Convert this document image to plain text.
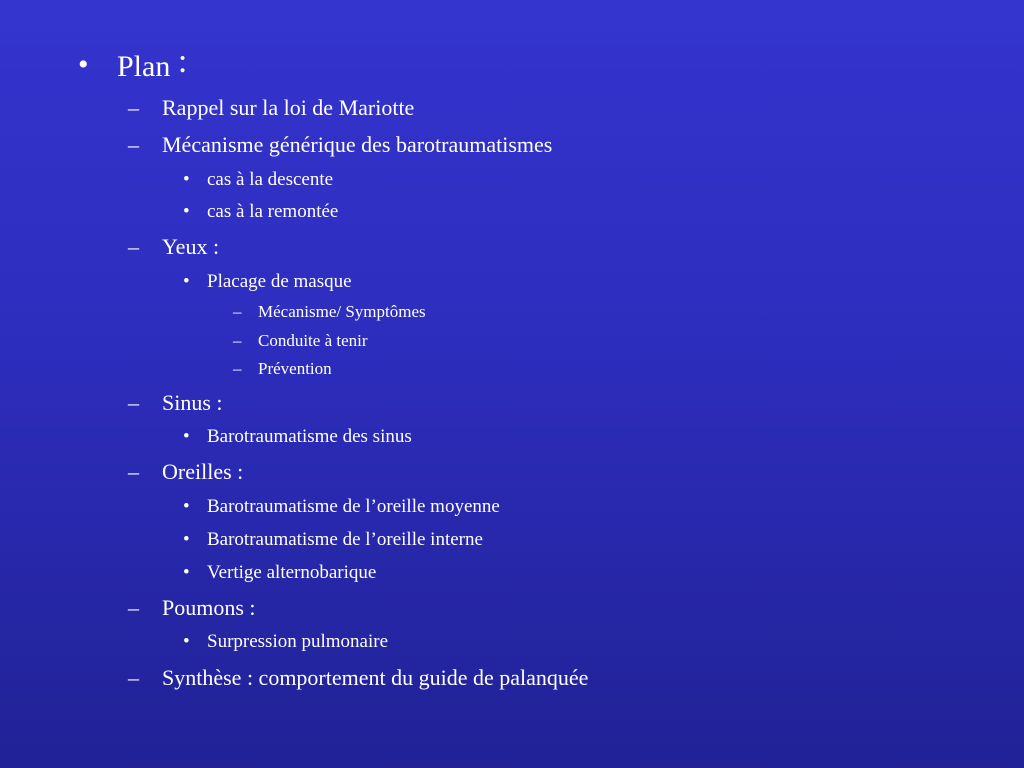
• Plan :
– Rappel sur la loi de Mariotte
– Mécanisme générique des barotraumatismes
• cas à la descente
• cas à la remontée
– Yeux :
• Placage de masque
– Mécanisme/ Symptômes
– Conduite à tenir
– Prévention
– Sinus :
• Barotraumatisme des sinus
– Oreilles :
• Barotraumatisme de l’oreille moyenne
• Barotraumatisme de l’oreille interne
• Vertige alternobarique
– Poumons :
• Surpression pulmonaire
– Synthèse : comportement du guide de palanquée
